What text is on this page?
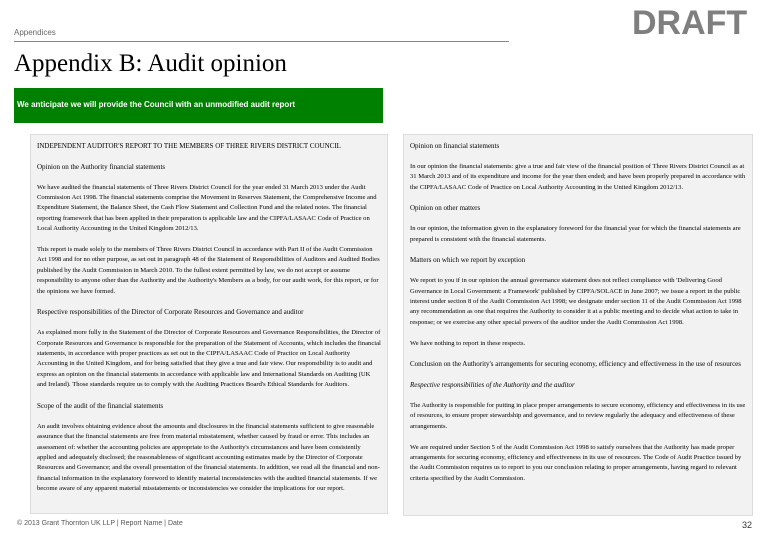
Appendices	DRAFT
Appendix B: Audit opinion
We anticipate we will provide the Council with an unmodified audit report

INDEPENDENT AUDITOR'S REPORT TO THE MEMBERS OF THREE RIVERS DISTRICT COUNCIL

Opinion on the Authority financial statements

We have audited the financial statements of Three Rivers District Council for the year ended 31 March 2013 under the Audit Commission Act 1998. The financial statements comprise the Movement in Reserves Statement, the Comprehensive Income and Expenditure Statement, the Balance Sheet, the Cash Flow Statement and Collection Fund and the related notes. The financial reporting framework that has been applied in their preparation is applicable law and the CIPFA/LASAAC Code of Practice on Local Authority Accounting in the United Kingdom 2012/13.

This report is made solely to the members of Three Rivers District Council in accordance with Part II of the Audit Commission Act 1998 and for no other purpose, as set out in paragraph 48 of the Statement of Responsibilities of Auditors and Audited Bodies published by the Audit Commission in March 2010. To the fullest extent permitted by law, we do not accept or assume responsibility to anyone other than the Authority and the Authority's Members as a body, for our audit work, for this report, or for the opinions we have formed.

Respective responsibilities of the Director of Corporate Resources and Governance and auditor

As explained more fully in the Statement of the Director of Corporate Resources and Governance Responsibilities, the Director of Corporate Resources and Governance is responsible for the preparation of the Statement of Accounts, which includes the financial statements, in accordance with proper practices as set out in the CIPFA/LASAAC Code of Practice on Local Authority Accounting in the United Kingdom, and for being satisfied that they give a true and fair view. Our responsibility is to audit and express an opinion on the financial statements in accordance with applicable law and International Standards on Auditing (UK and Ireland). Those standards require us to comply with the Auditing Practices Board's Ethical Standards for Auditors.

Scope of the audit of the financial statements

An audit involves obtaining evidence about the amounts and disclosures in the financial statements sufficient to give reasonable assurance that the financial statements are free from material misstatement, whether caused by fraud or error. This includes an assessment of: whether the accounting policies are appropriate to the Authority's circumstances and have been consistently applied and adequately disclosed; the reasonableness of significant accounting estimates made by the Director of Corporate Resources and Governance; and the overall presentation of the financial statements. In addition, we read all the financial and non-financial information in the explanatory foreword to identify material inconsistencies with the audited financial statements. If we become aware of any apparent material misstatements or inconsistencies we consider the implications for our report.

Opinion on financial statements

In our opinion the financial statements: give a true and fair view of the financial position of Three Rivers District Council as at 31 March 2013 and of its expenditure and income for the year then ended; and have been properly prepared in accordance with the CIPFA/LASAAC Code of Practice on Local Authority Accounting in the United Kingdom 2012/13.

Opinion on other matters

In our opinion, the information given in the explanatory foreword for the financial year for which the financial statements are prepared is consistent with the financial statements.

Matters on which we report by exception

We report to you if in our opinion the annual governance statement does not reflect compliance with 'Delivering Good Governance in Local Government: a Framework' published by CIPFA/SOLACE in June 2007; we issue a report in the public interest under section 8 of the Audit Commission Act 1998; we designate under section 11 of the Audit Commission Act 1998 any recommendation as one that requires the Authority to consider it at a public meeting and to decide what action to take in response; or we exercise any other special powers of the auditor under the Audit Commission Act 1998.

We have nothing to report in these respects.

Conclusion on the Authority's arrangements for securing economy, efficiency and effectiveness in the use of resources

Respective responsibilities of the Authority and the auditor

The Authority is responsible for putting in place proper arrangements to secure economy, efficiency and effectiveness in its use of resources, to ensure proper stewardship and governance, and to review regularly the adequacy and effectiveness of these arrangements.

We are required under Section 5 of the Audit Commission Act 1998 to satisfy ourselves that the Authority has made proper arrangements for securing economy, efficiency and effectiveness in its use of resources. The Code of Audit Practice issued by the Audit Commission requires us to report to you our conclusion relating to proper arrangements, having regard to relevant criteria specified by the Audit Commission.

© 2013 Grant Thornton UK LLP | Report Name | Date	32
